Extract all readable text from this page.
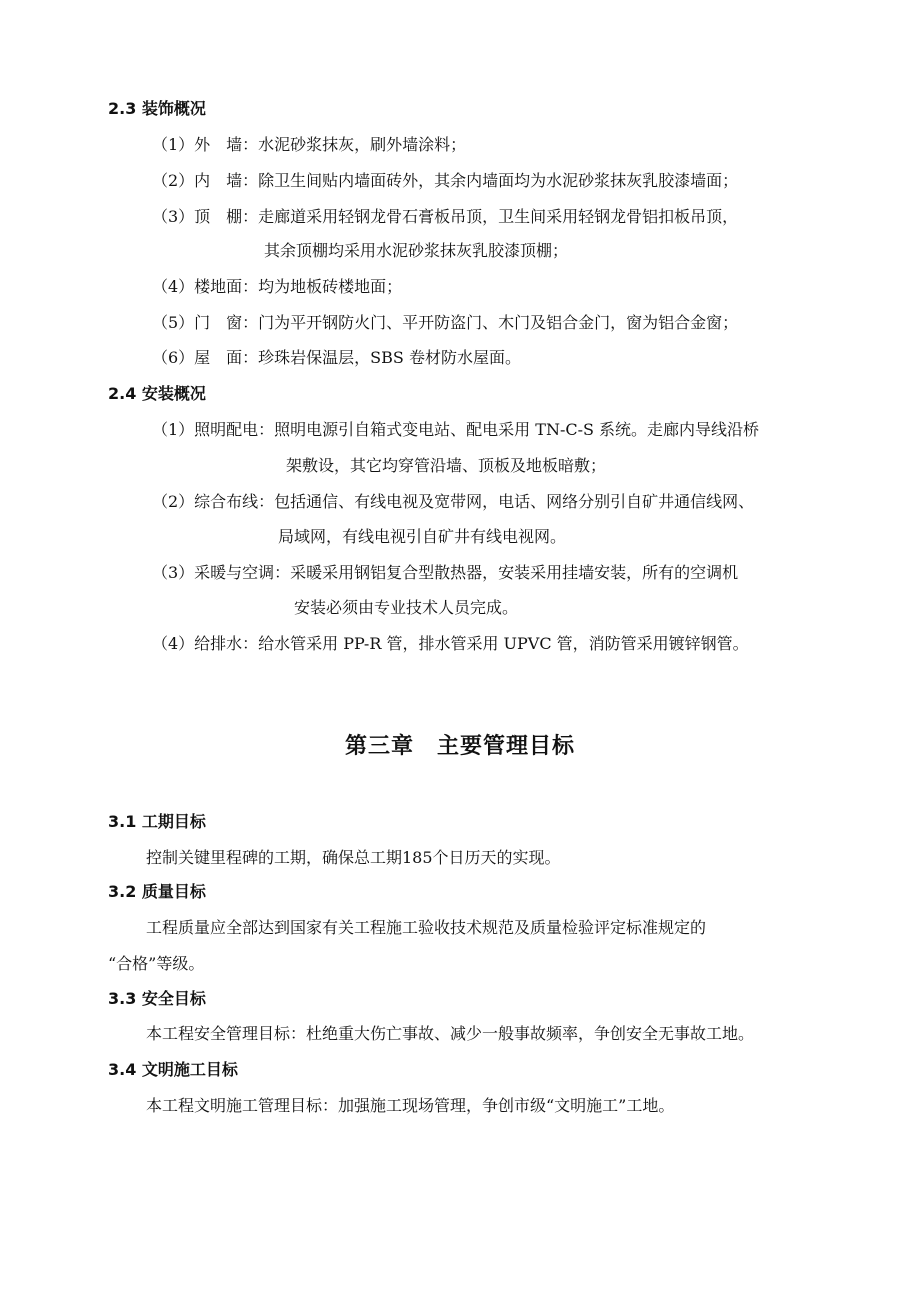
2.3 装饰概况
（1）外　墙：水泥砂浆抹灰，刷外墙涂料；
（2）内　墙：除卫生间贴内墙面砖外，其余内墙面均为水泥砂浆抹灰乳胶漆墙面；
（3）顶　棚：走廊道采用轻钢龙骨石膏板吊顶，卫生间采用轻钢龙骨铝扣板吊顶，
其余顶棚均采用水泥砂浆抹灰乳胶漆顶棚；
（4）楼地面：均为地板砖楼地面；
（5）门　窗：门为平开钢防火门、平开防盗门、木门及铝合金门，窗为铝合金窗；
（6）屋　面：珍珠岩保温层，SBS 卷材防水屋面。
2.4 安装概况
（1）照明配电：照明电源引自箱式变电站、配电采用 TN-C-S 系统。走廊内导线沿桥
架敷设，其它均穿管沿墙、顶板及地板暗敷；
（2）综合布线：包括通信、有线电视及宽带网，电话、网络分别引自矿井通信线网、
局域网，有线电视引自矿井有线电视网。
（3）采暖与空调：采暖采用钢铝复合型散热器，安装采用挂墙安装，所有的空调机
安装必须由专业技术人员完成。
（4）给排水：给水管采用 PP-R 管，排水管采用 UPVC 管，消防管采用镀锌钢管。
第三章　主要管理目标
3.1 工期目标
控制关键里程碑的工期，确保总工期185个日历天的实现。
3.2 质量目标
工程质量应全部达到国家有关工程施工验收技术规范及质量检验评定标准规定的
“合格”等级。
3.3 安全目标
本工程安全管理目标：杜绝重大伤亡事故、减少一般事故频率，争创安全无事故工地。
3.4 文明施工目标
本工程文明施工管理目标：加强施工现场管理，争创市级“文明施工”工地。
